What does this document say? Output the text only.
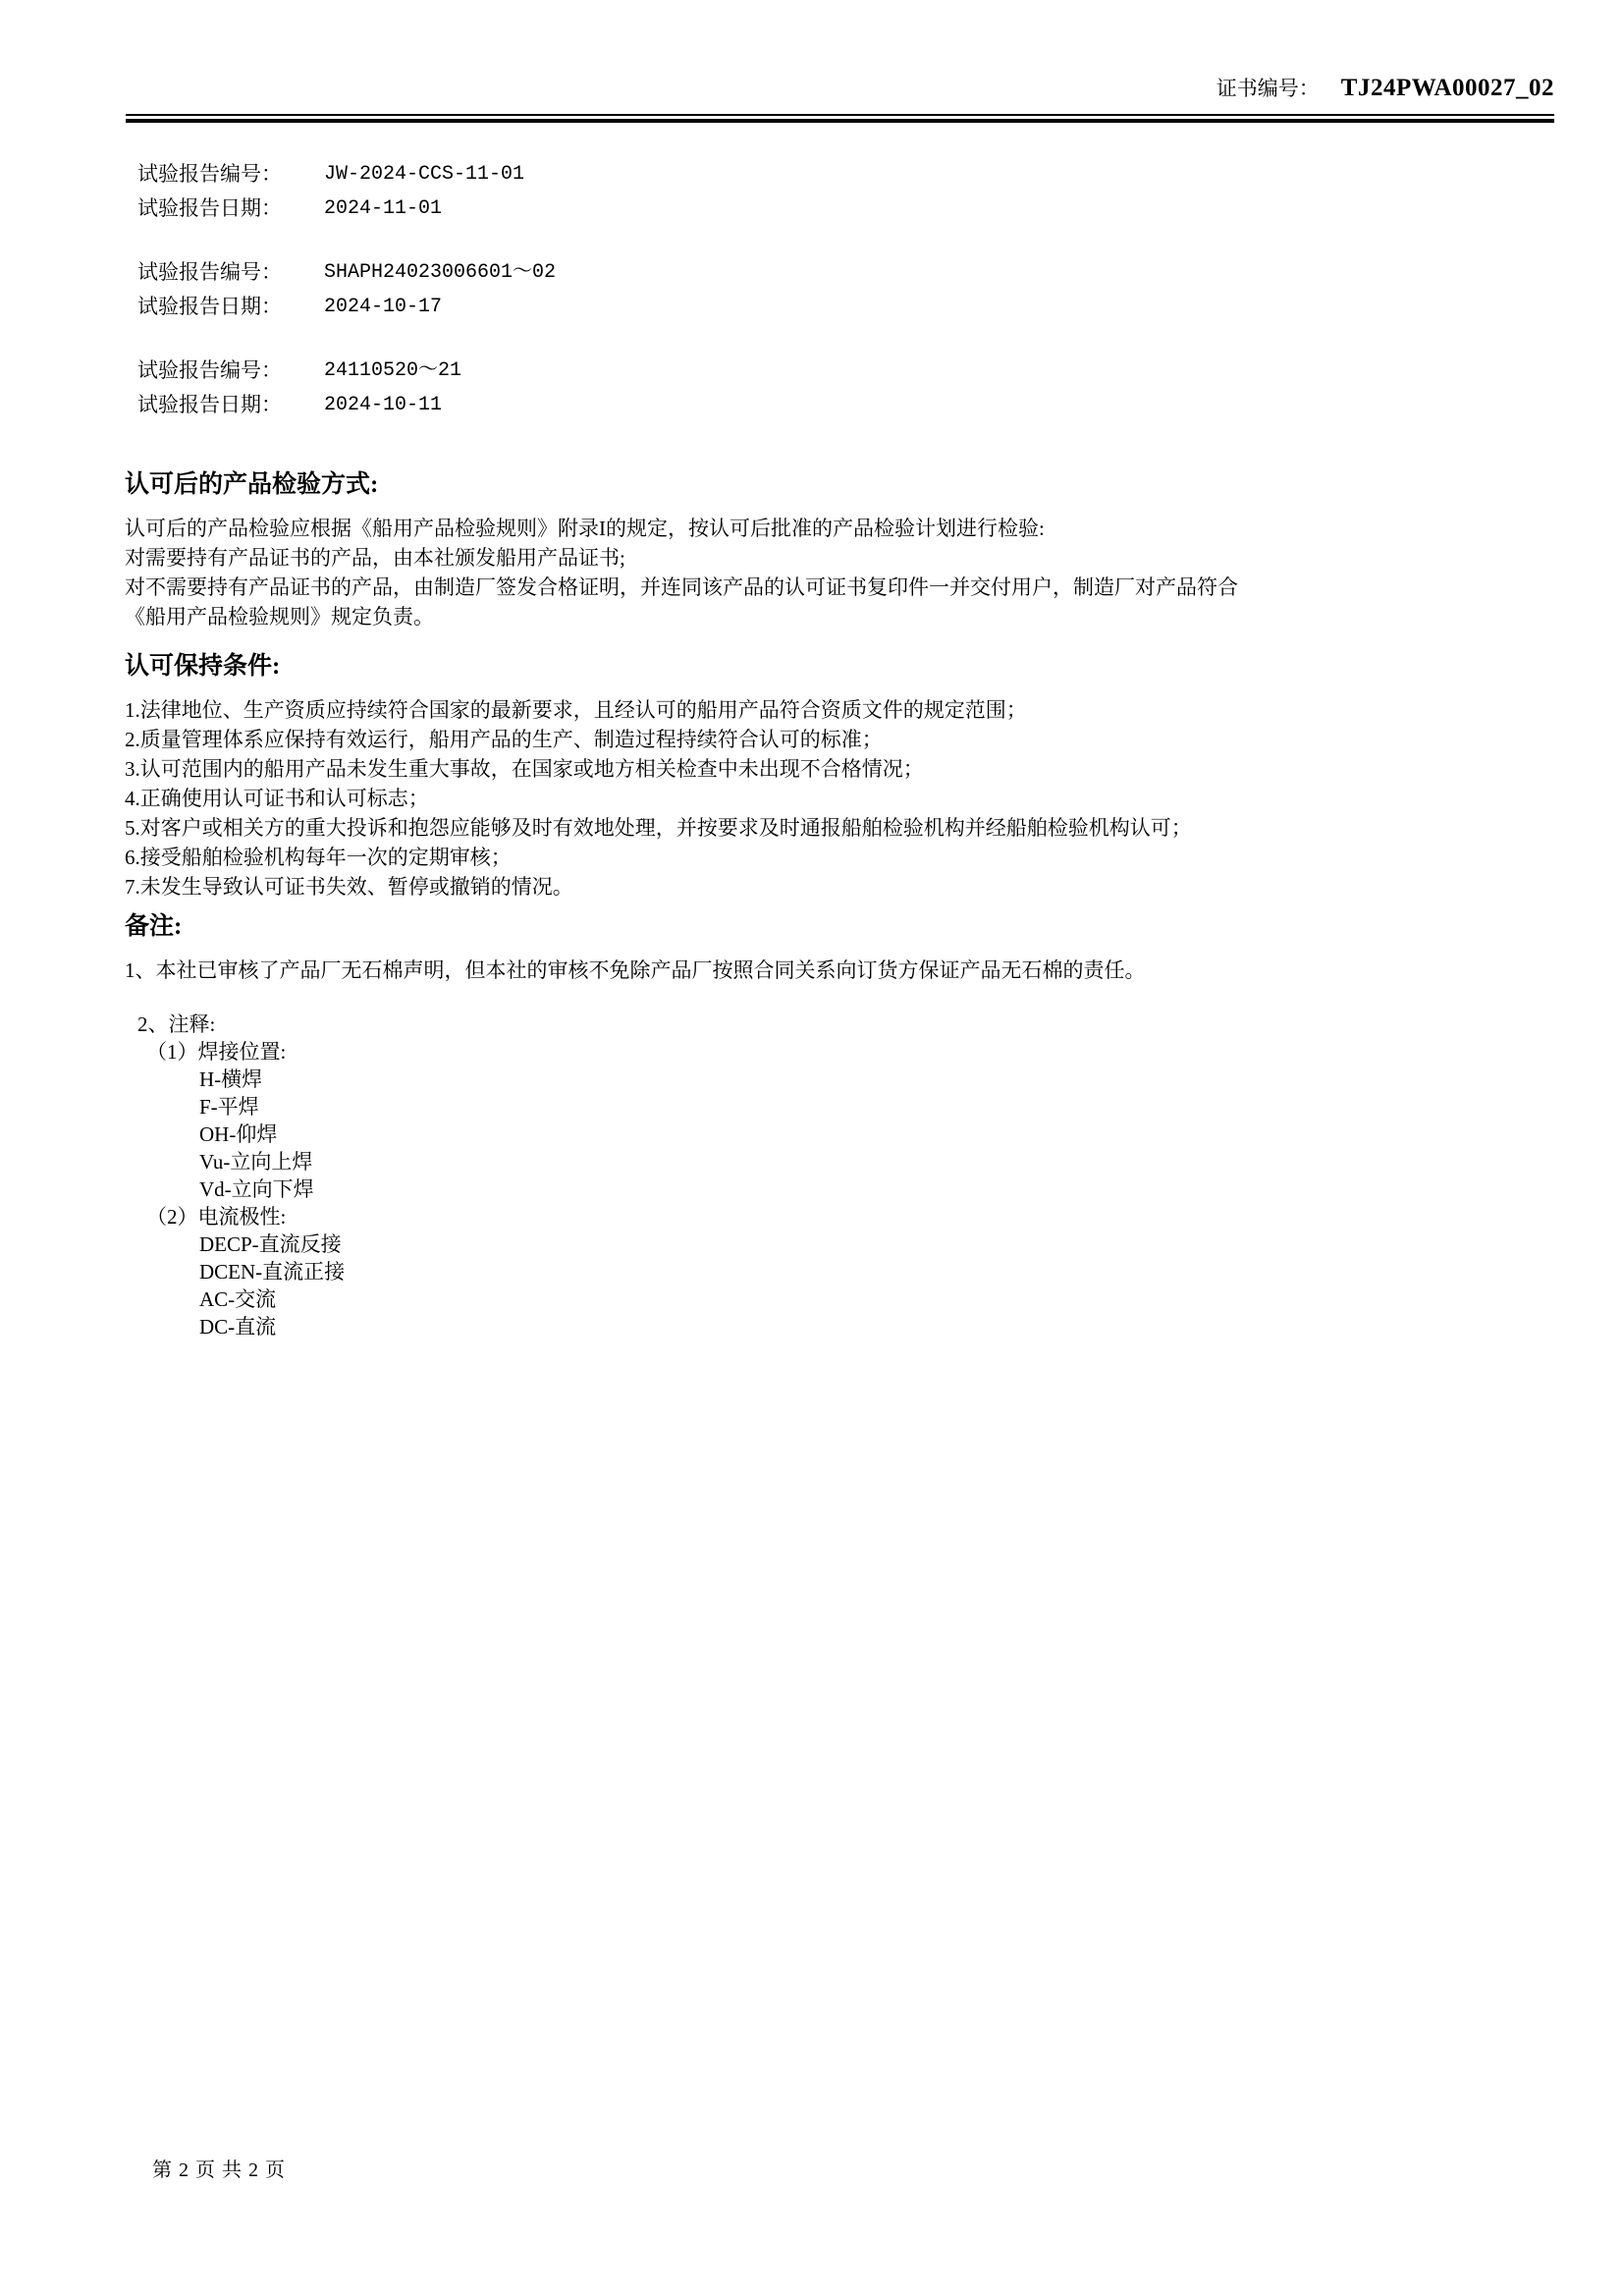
证书编号： TJ24PWA00027_02
试验报告编号：	JW-2024-CCS-11-01
试验报告日期：	2024-11-01
试验报告编号：	SHAPH24023006601～02
试验报告日期：	2024-10-17
试验报告编号：	24110520～21
试验报告日期：	2024-10-11
认可后的产品检验方式:
认可后的产品检验应根据《船用产品检验规则》附录I的规定，按认可后批准的产品检验计划进行检验:
对需要持有产品证书的产品，由本社颁发船用产品证书;
对不需要持有产品证书的产品，由制造厂签发合格证明，并连同该产品的认可证书复印件一并交付用户，制造厂对产品符合
《船用产品检验规则》规定负责。
认可保持条件:
1.法律地位、生产资质应持续符合国家的最新要求，且经认可的船用产品符合资质文件的规定范围；
2.质量管理体系应保持有效运行，船用产品的生产、制造过程持续符合认可的标准；
3.认可范围内的船用产品未发生重大事故，在国家或地方相关检查中未出现不合格情况；
4.正确使用认可证书和认可标志；
5.对客户或相关方的重大投诉和抱怨应能够及时有效地处理，并按要求及时通报船舶检验机构并经船舶检验机构认可；
6.接受船舶检验机构每年一次的定期审核；
7.未发生导致认可证书失效、暂停或撤销的情况。
备注:
1、本社已审核了产品厂无石棉声明，但本社的审核不免除产品厂按照合同关系向订货方保证产品无石棉的责任。
2、注释:
（1）焊接位置:
H-横焊
F-平焊
OH-仰焊
Vu-立向上焊
Vd-立向下焊
（2）电流极性:
DECP-直流反接
DCEN-直流正接
AC-交流
DC-直流
第 2 页 共 2 页
